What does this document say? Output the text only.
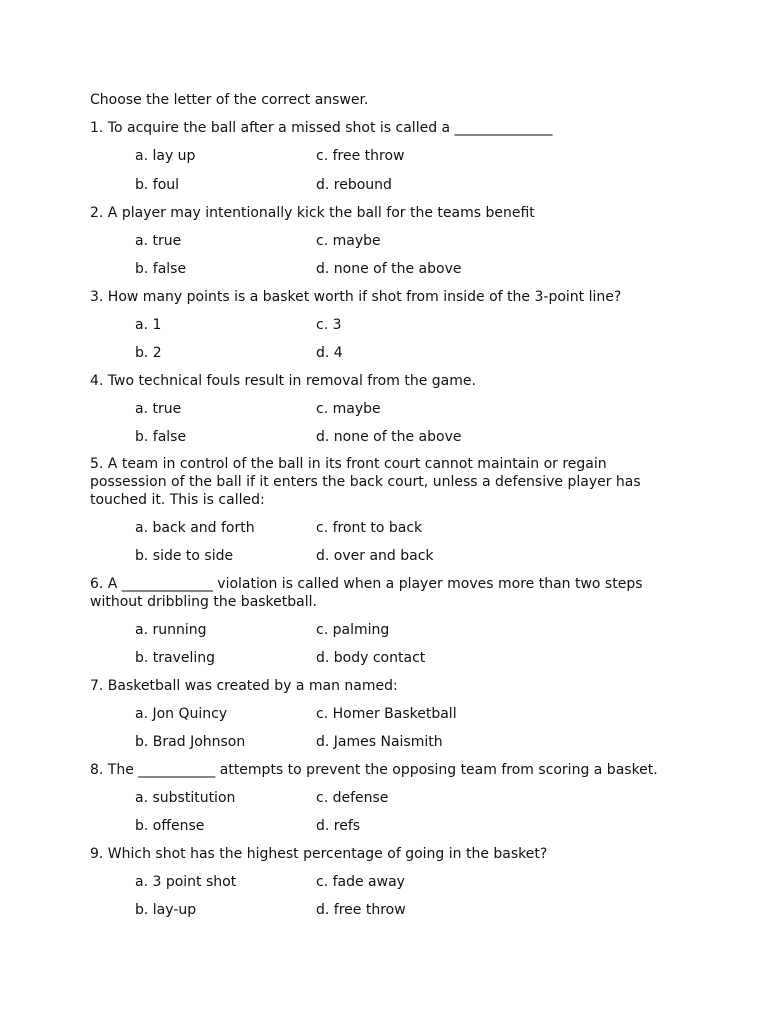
Choose the letter of the correct answer.

1. To acquire the ball after a missed shot is called a ______________

a. lay up	c. free throw

b. foul	d. rebound

2. A player may intentionally kick the ball for the teams benefit

a. true	c. maybe

b. false	d. none of the above

3. How many points is a basket worth if shot from inside of the 3-point line?

a. 1	c. 3

b. 2	d. 4

4. Two technical fouls result in removal from the game.

a. true	c. maybe

b. false	d. none of the above

5. A team in control of the ball in its front court cannot maintain or regain possession of the ball if it enters the back court, unless a defensive player has touched it. This is called:

a. back and forth	c. front to back

b. side to side	d. over and back

6. A _____________ violation is called when a player moves more than two steps without dribbling the basketball.

a. running	c. palming

b. traveling	d. body contact

7. Basketball was created by a man named:

a. Jon Quincy	c. Homer Basketball

b. Brad Johnson	d. James Naismith

8. The ___________ attempts to prevent the opposing team from scoring a basket.

a. substitution	c. defense

b. offense	d. refs

9. Which shot has the highest percentage of going in the basket?

a. 3 point shot	c. fade away

b. lay-up	d. free throw
